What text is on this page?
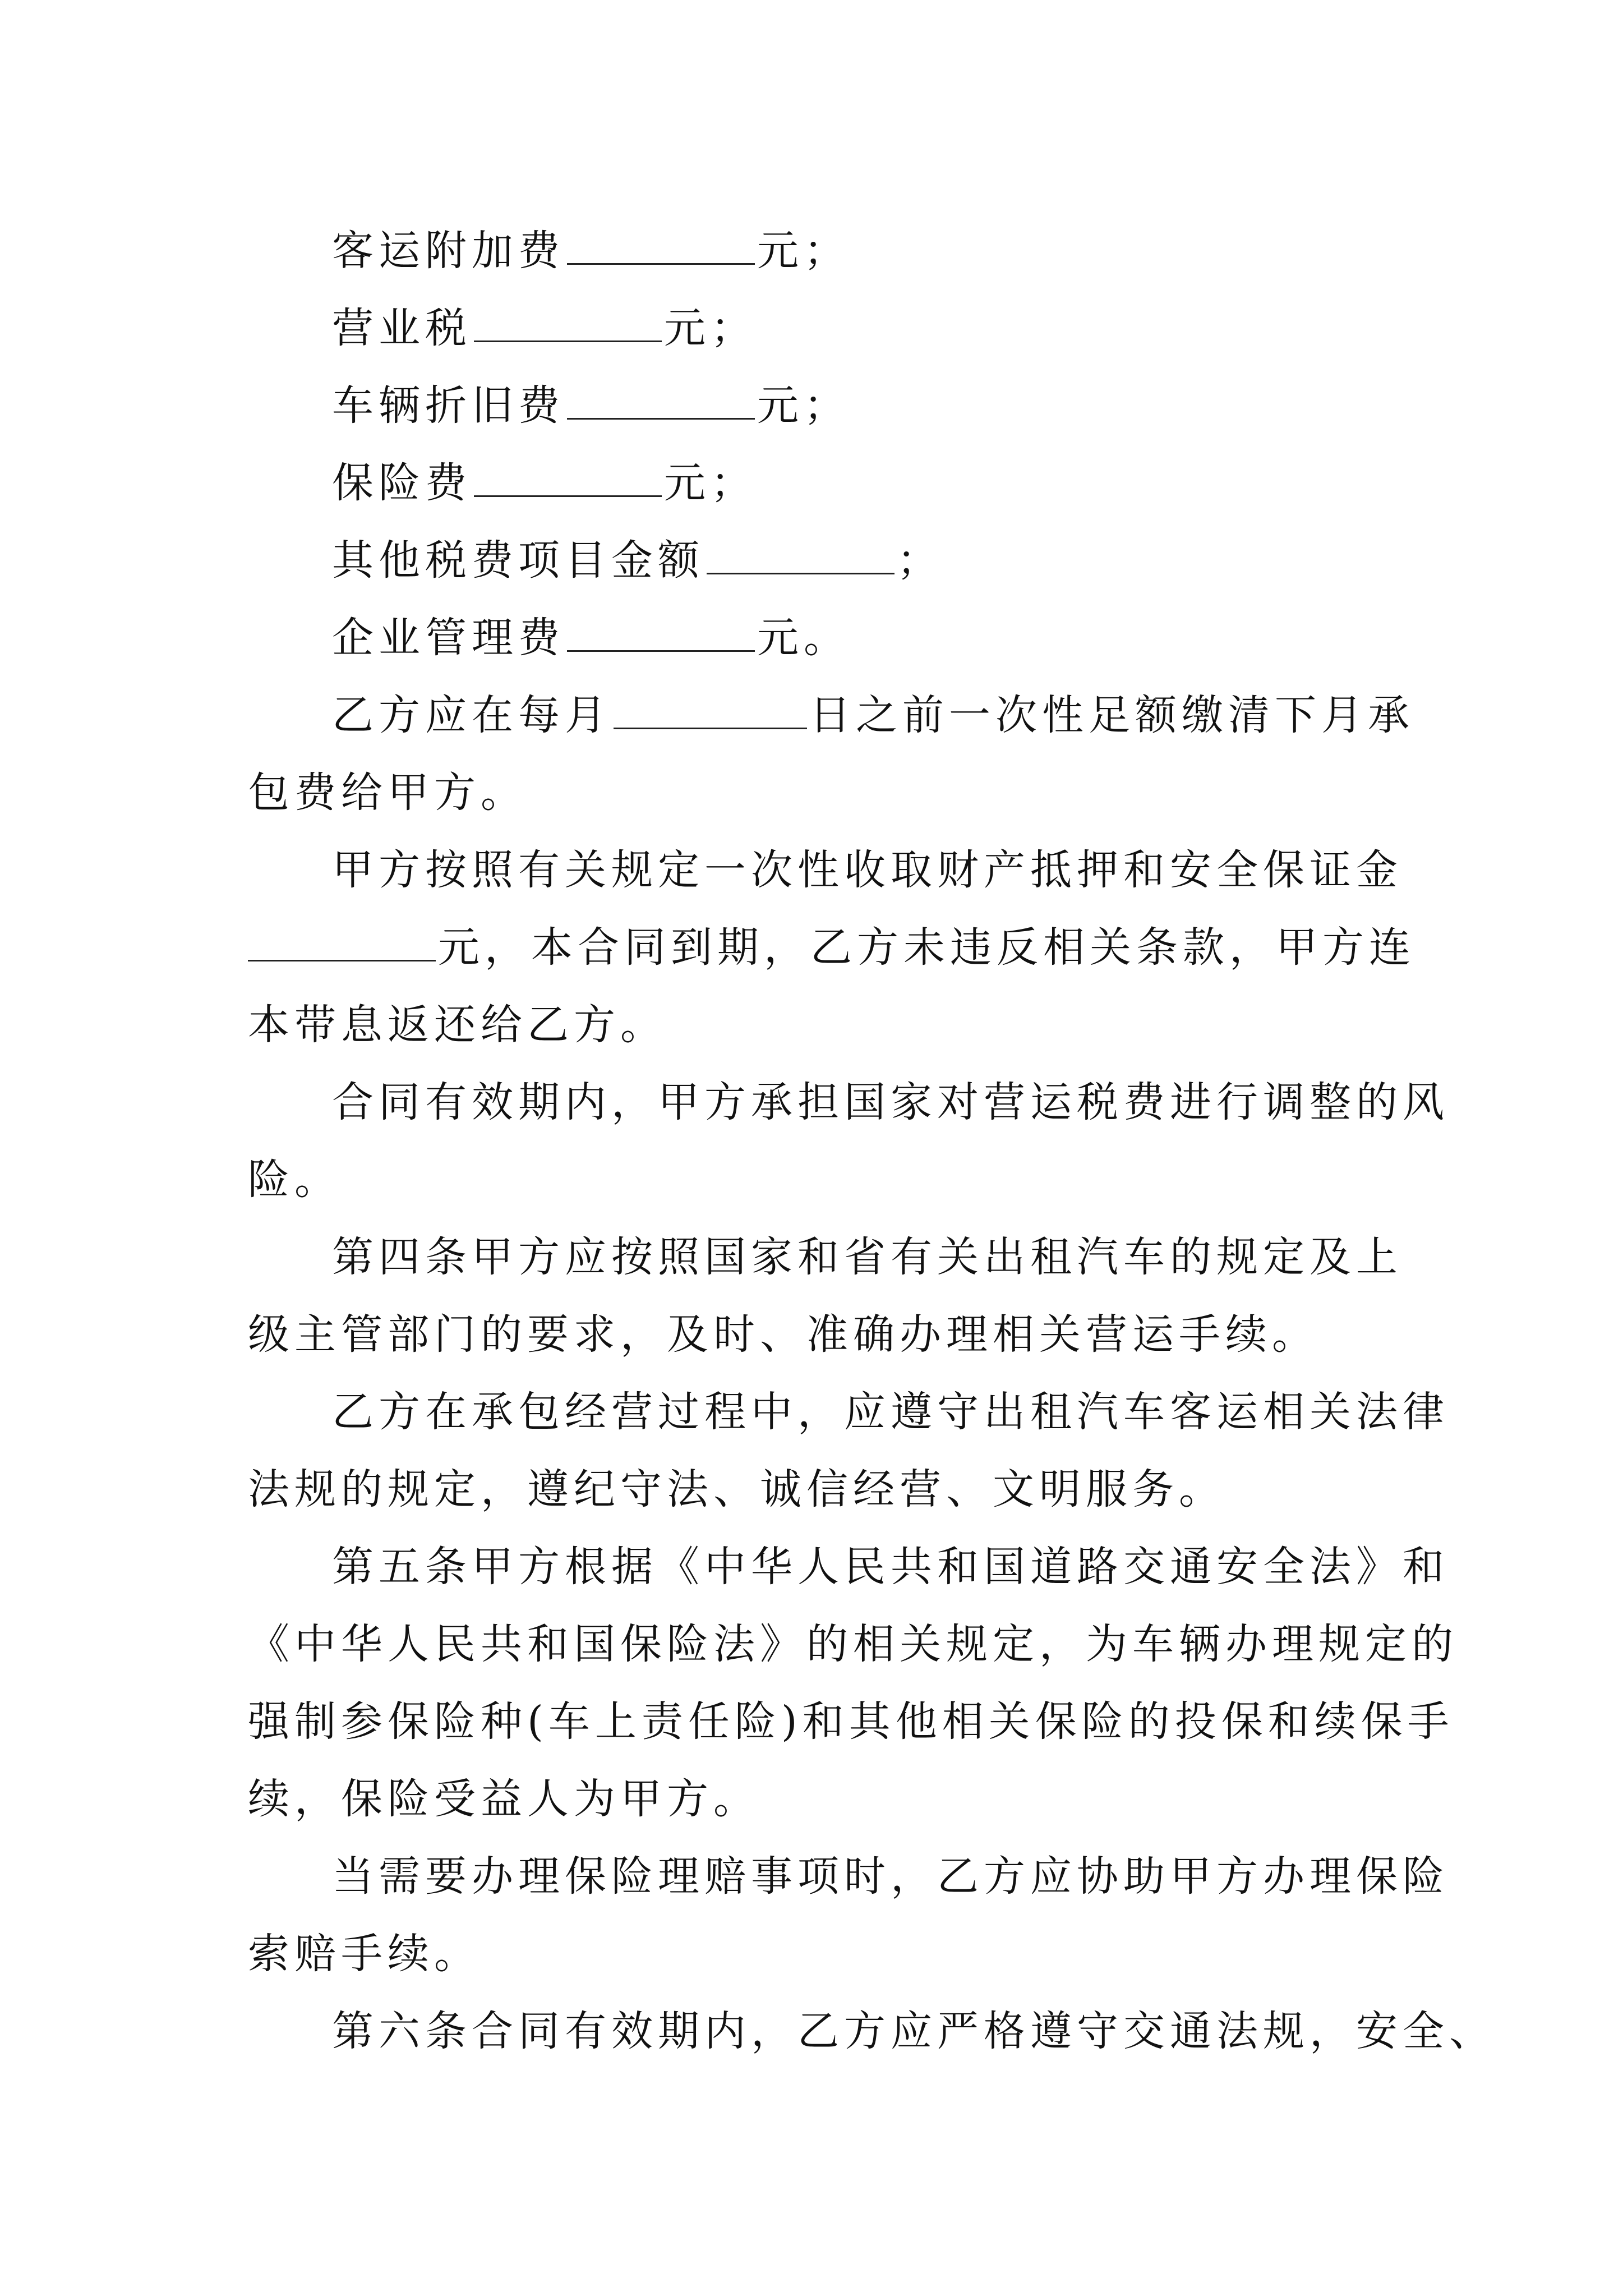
客运附加费	元；
营业税	元；
车辆折旧费	元；
保险费	元；
其他税费项目金额	；
企业管理费	元。
乙方应在每月	日之前一次性足额缴清下月承
包费给甲方。
甲方按照有关规定一次性收取财产抵押和安全保证金
元，本合同到期，乙方未违反相关条款，甲方连
本带息返还给乙方。
合同有效期内，甲方承担国家对营运税费进行调整的风
险。
第四条甲方应按照国家和省有关出租汽车的规定及上
级主管部门的要求，及时、准确办理相关营运手续。
乙方在承包经营过程中，应遵守出租汽车客运相关法律
法规的规定，遵纪守法、诚信经营、文明服务。
第五条甲方根据《中华人民共和国道路交通安全法》和
《中华人民共和国保险法》的相关规定，为车辆办理规定的
强制参保险种(车上责任险)和其他相关保险的投保和续保手
续，保险受益人为甲方。
当需要办理保险理赔事项时，乙方应协助甲方办理保险
索赔手续。
第六条合同有效期内，乙方应严格遵守交通法规，安全、
